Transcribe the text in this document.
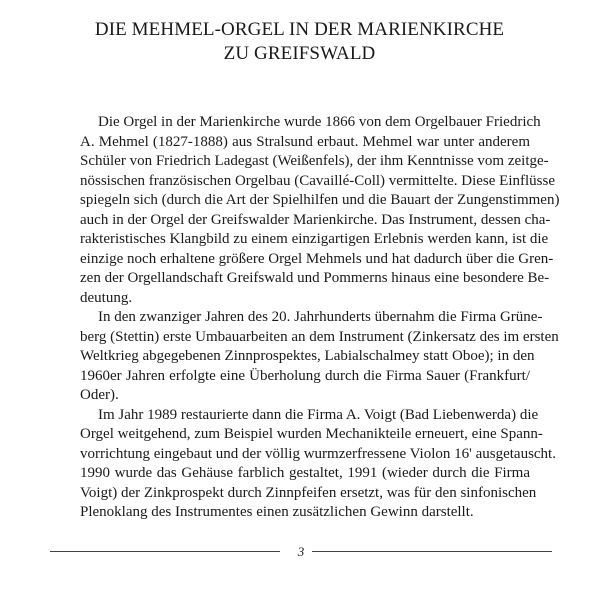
DIE MEHMEL-ORGEL IN DER MARIENKIRCHE
ZU GREIFSWALD
Die Orgel in der Marienkirche wurde 1866 von dem Orgelbauer Friedrich
A. Mehmel (1827-1888) aus Stralsund erbaut. Mehmel war unter anderem
Schüler von Friedrich Ladegast (Weißenfels), der ihm Kenntnisse vom zeitge-
nössischen französischen Orgelbau (Cavaillé-Coll) vermittelte. Diese Einflüsse
spiegeln sich (durch die Art der Spielhilfen und die Bauart der Zungenstimmen)
auch in der Orgel der Greifswalder Marienkirche. Das Instrument, dessen cha-
rakteristisches Klangbild zu einem einzigartigen Erlebnis werden kann, ist die
einzige noch erhaltene größere Orgel Mehmels und hat dadurch über die Gren-
zen der Orgellandschaft Greifswald und Pommerns hinaus eine besondere Be-
deutung.
In den zwanziger Jahren des 20. Jahrhunderts übernahm die Firma Grüne-
berg (Stettin) erste Umbauarbeiten an dem Instrument (Zinkersatz des im ersten
Weltkrieg abgegebenen Zinnprospektes, Labialschalmey statt Oboe); in den
1960er Jahren erfolgte eine Überholung durch die Firma Sauer (Frankfurt/
Oder).
Im Jahr 1989 restaurierte dann die Firma A. Voigt (Bad Liebenwerda) die
Orgel weitgehend, zum Beispiel wurden Mechanikteile erneuert, eine Spann-
vorrichtung eingebaut und der völlig wurmzerfressene Violon 16' ausgetauscht.
1990 wurde das Gehäuse farblich gestaltet, 1991 (wieder durch die Firma
Voigt) der Zinkprospekt durch Zinnpfeifen ersetzt, was für den sinfonischen
Plenoklang des Instrumentes einen zusätzlichen Gewinn darstellt.
3
